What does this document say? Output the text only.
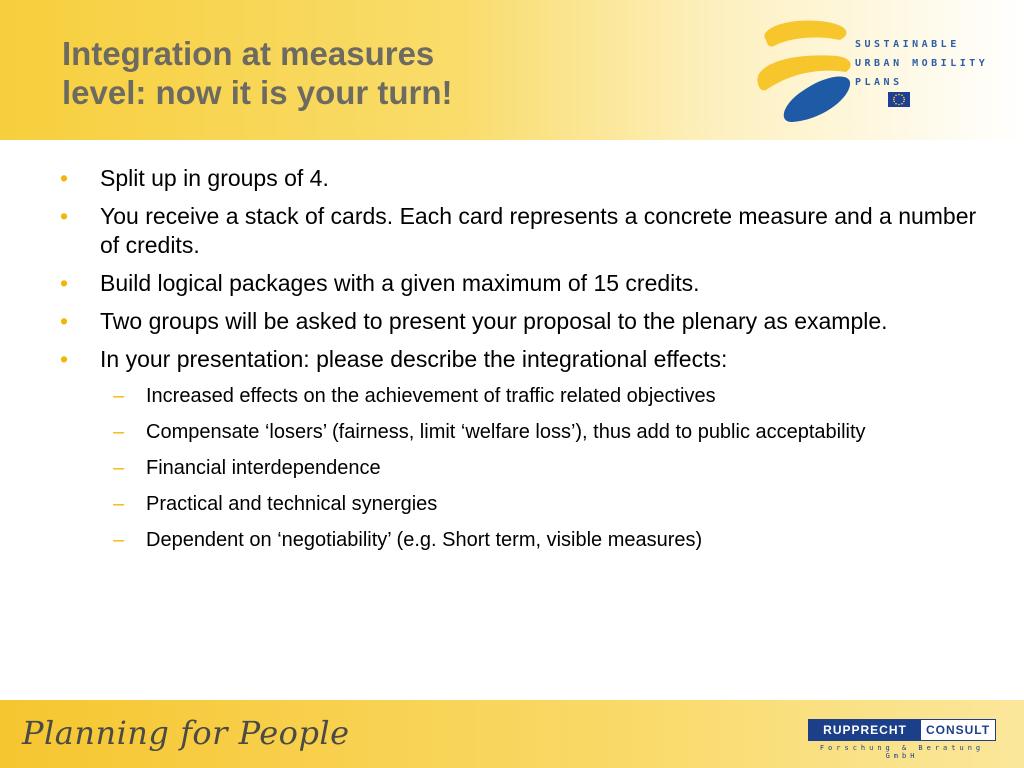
Integration at measures
level: now it is your turn!
SUSTAINABLE
URBAN MOBILITY
PLANS
• Split up in groups of 4.
• You receive a stack of cards. Each card represents a concrete measure and a number of credits.
• Build logical packages with a given maximum of 15 credits.
• Two groups will be asked to present your proposal to the plenary as example.
• In your presentation: please describe the integrational effects:
– Increased effects on the achievement of traffic related objectives
– Compensate ‘losers’ (fairness, limit ‘welfare loss’), thus add to public acceptability
– Financial interdependence
– Practical and technical synergies
– Dependent on ‘negotiability’ (e.g. Short term, visible measures)
Planning for People	RUPPRECHT	CONSULT
Forschung & Beratung GmbH
